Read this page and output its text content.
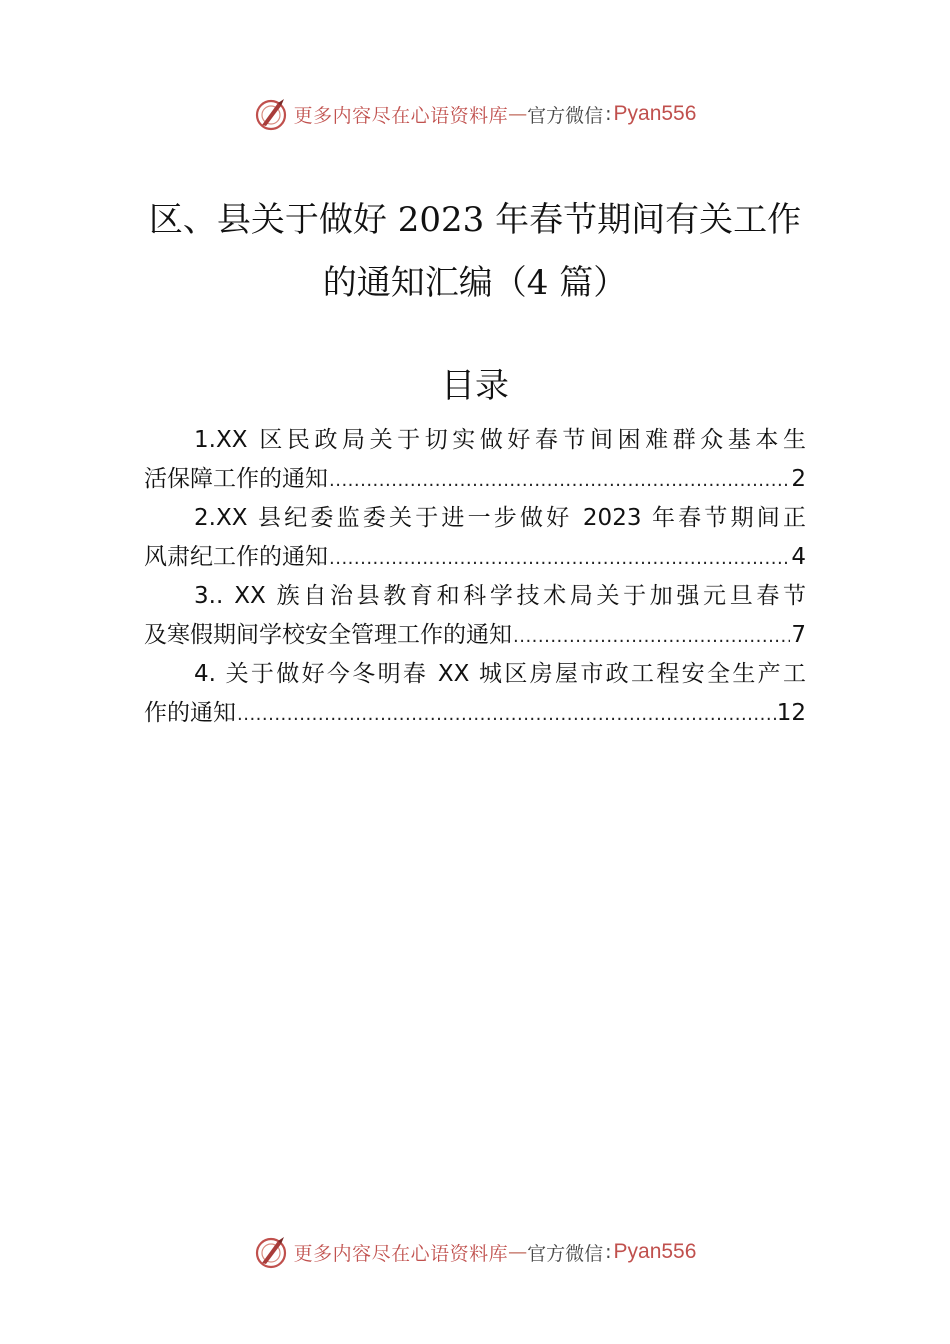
更多内容尽在心语资料库 — 官方微信 : Pyan556
区、县关于做好 2023 年春节期间有关工作
的通知汇编（4 篇）
目录
1.XX 区民政局关于切实做好春节间困难群众基本生
活保障工作的通知 .....	2
2.XX 县纪委监委关于进一步做好 2023 年春节期间正
风肃纪工作的通知 .....	4
3.. XX 族自治县教育和科学技术局关于加强元旦春节
及寒假期间学校安全管理工作的通知 .....	7
4. 关于做好今冬明春 XX 城区房屋市政工程安全生产工
作的通知 .....	12
更多内容尽在心语资料库 — 官方微信 : Pyan556
